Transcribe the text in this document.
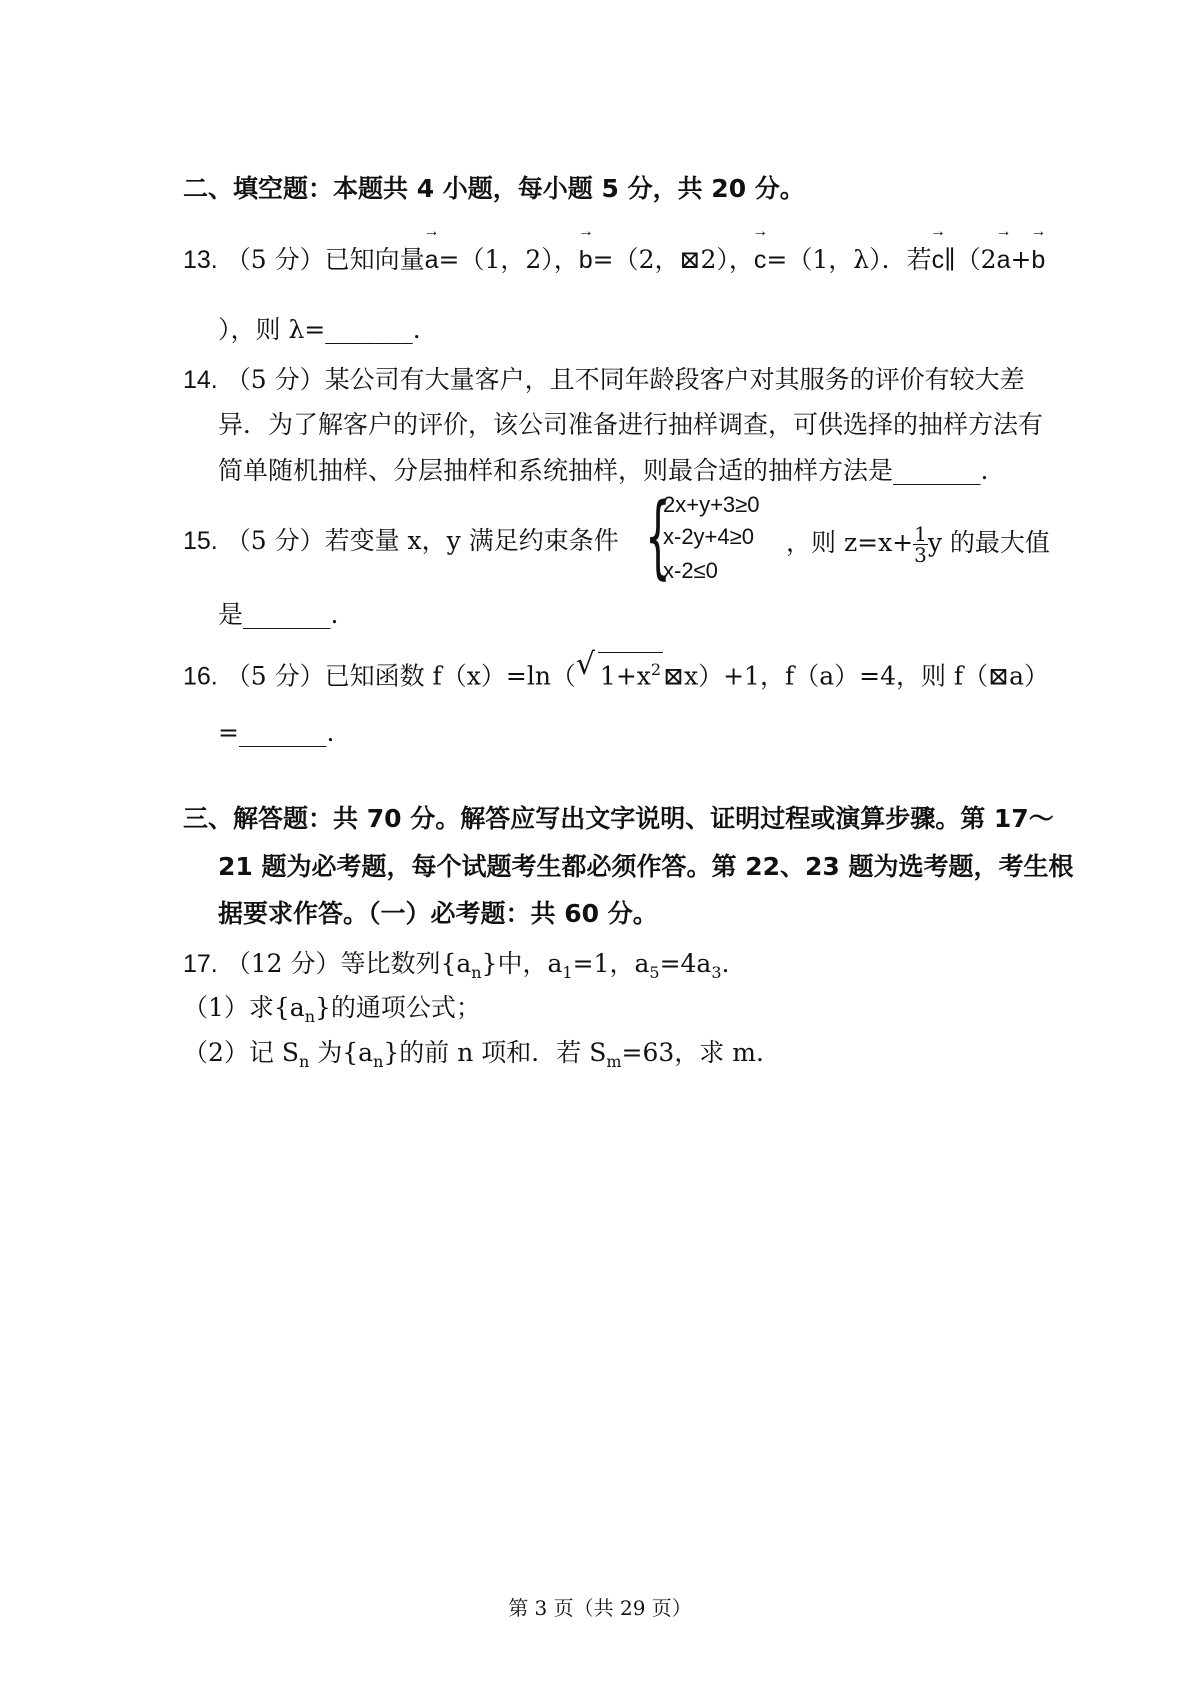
二、填空题：本题共 4 小题，每小题 5 分，共 20 分。
13. （5 分）已知向量→ a=（1，2），→ b=（2，⊠2），→ c=（1，λ）．若→ c∥（2→ a+→ b
），则 λ=_______.
14. （5 分）某公司有大量客户，且不同年龄段客户对其服务的评价有较大差
异．为了解客户的评价，该公司准备进行抽样调查，可供选择的抽样方法有
简单随机抽样、分层抽样和系统抽样，则最合适的抽样方法是_______.
15. （5 分）若变量 x，y 满足约束条件 {
2x+y+3≥0
x-2y+4≥0
x-2≤0
，则 $z=x+ \frac{1}{3}$ y 的最大值
是_______.
16. （5 分）已知函数 f（x）=ln（ √ $1+x^2⊠x)+1$，f（a）=4，则 f（⊠a）
=_______.
三、解答题：共 70 分。解答应写出文字说明、证明过程或演算步骤。第 17～
21 题为必考题，每个试题考生都必须作答。第 22、23 题为选考题，考生根
据要求作答。（一）必考题：共 60 分。
17. （12 分）等比数列$\{a_n\}$中，$a_1=1$，$a_5=4a_3$.
（1）求$\{a_n\}$的通项公式；
（2）记 $S_n$ 为$\{a_n\}$的前 n 项和．若 $S_m=63$，求 m.
第 3 页（共 29 页）
